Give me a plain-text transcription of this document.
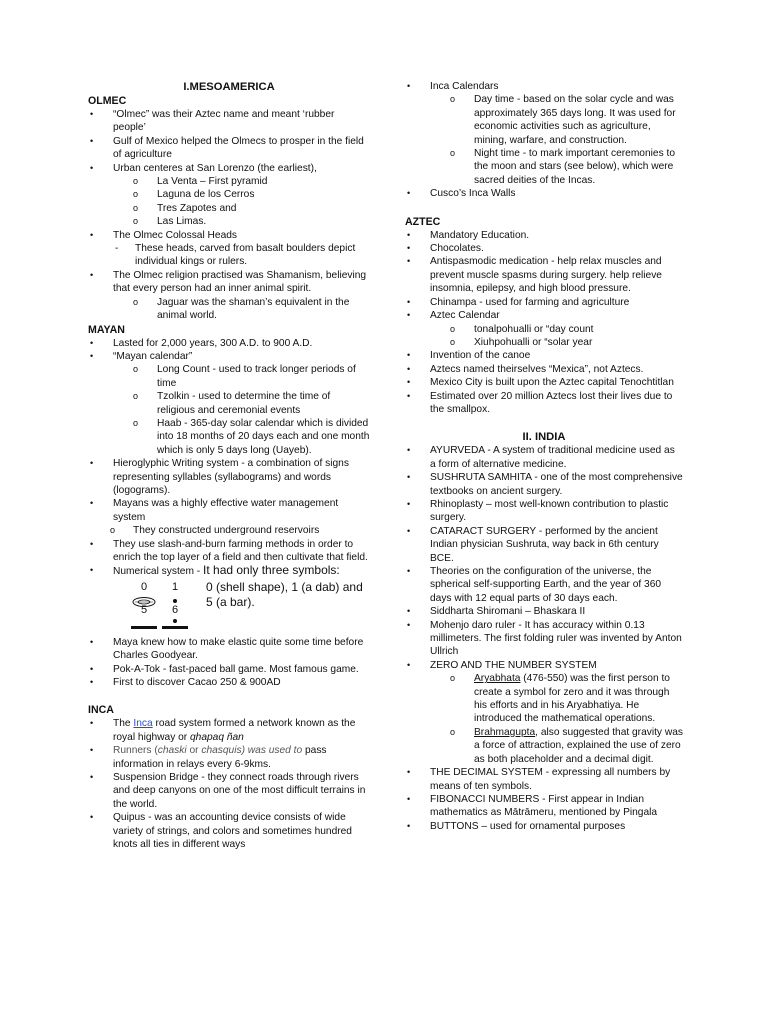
I.MESOAMERICA
OLMEC
• “Olmec” was their Aztec name and meant ‘rubber people’
• Gulf of Mexico helped the Olmecs to prosper in the field of agriculture
• Urban centeres at San Lorenzo (the earliest),
o La Venta – First pyramid
o Laguna de los Cerros
o Tres Zapotes and
o Las Limas.
• The Olmec Colossal Heads
- These heads, carved from basalt boulders depict individual kings or rulers.
• The Olmec religion practised was Shamanism, believing that every person had an inner animal spirit.
o Jaguar was the shaman’s equivalent in the animal world.
MAYAN
• Lasted for 2,000 years, 300 A.D. to 900 A.D.
• “Mayan calendar”
o Long Count - used to track longer periods of time
o Tzolkin - used to determine the time of religious and ceremonial events
o Haab - 365-day solar calendar which is divided into 18 months of 20 days each and one month which is only 5 days long (Uayeb).
• Hieroglyphic Writing system - a combination of signs representing syllables (syllabograms) and words (logograms).
• Mayans was a highly effective water management system
o They constructed underground reservoirs
• They use slash-and-burn farming methods in order to enrich the top layer of a field and then cultivate that field.
• Numerical system - It had only three symbols:
0	1
5	6
0 (shell shape), 1 (a dab) and 5 (a bar).
• Maya knew how to make elastic quite some time before Charles Goodyear.
• Pok-A-Tok - fast-paced ball game. Most famous game.
• First to discover Cacao 250 & 900AD
INCA
• The Inca road system formed a network known as the royal highway or qhapaq ñan
• Runners (chaski or chasquis) was used to pass information in relays every 6-9kms.
• Suspension Bridge - they connect roads through rivers and deep canyons on one of the most difficult terrains in the world.
• Quipus - was an accounting device consists of wide variety of strings, and colors and sometimes hundred knots all ties in different ways
• Inca Calendars
o Day time - based on the solar cycle and was approximately 365 days long. It was used for economic activities such as agriculture, mining, warfare, and construction.
o Night time - to mark important ceremonies to the moon and stars (see below), which were sacred deities of the Incas.
• Cusco’s Inca Walls
AZTEC
• Mandatory Education.
• Chocolates.
• Antispasmodic medication - help relax muscles and prevent muscle spasms during surgery. help relieve insomnia, epilepsy, and high blood pressure.
• Chinampa - used for farming and agriculture
• Aztec Calendar
o tonalpohualli or “day count
o Xiuhpohualli or “solar year
• Invention of the canoe
• Aztecs named theirselves “Mexica”, not Aztecs.
• Mexico City is built upon the Aztec capital Tenochtitlan
• Estimated over 20 million Aztecs lost their lives due to the smallpox.
II. INDIA
• AYURVEDA - A system of traditional medicine used as a form of alternative medicine.
• SUSHRUTA SAMHITA - one of the most comprehensive textbooks on ancient surgery.
• Rhinoplasty – most well-known contribution to plastic surgery.
• CATARACT SURGERY - performed by the ancient Indian physician Sushruta, way back in 6th century BCE.
• Theories on the configuration of the universe, the spherical self-supporting Earth, and the year of 360 days with 12 equal parts of 30 days each.
• Siddharta Shiromani – Bhaskara II
• Mohenjo daro ruler - It has accuracy within 0.13 millimeters. The first folding ruler was invented by Anton Ullrich
• ZERO AND THE NUMBER SYSTEM
o Aryabhata (476-550) was the first person to create a symbol for zero and it was through his efforts and in his Aryabhatiya. He introduced the mathematical operations.
o Brahmagupta, also suggested that gravity was a force of attraction, explained the use of zero as both placeholder and a decimal digit.
• THE DECIMAL SYSTEM - expressing all numbers by means of ten symbols.
• FIBONACCI NUMBERS - First appear in Indian mathematics as Mātrāmeru, mentioned by Pingala
• BUTTONS – used for ornamental purposes
